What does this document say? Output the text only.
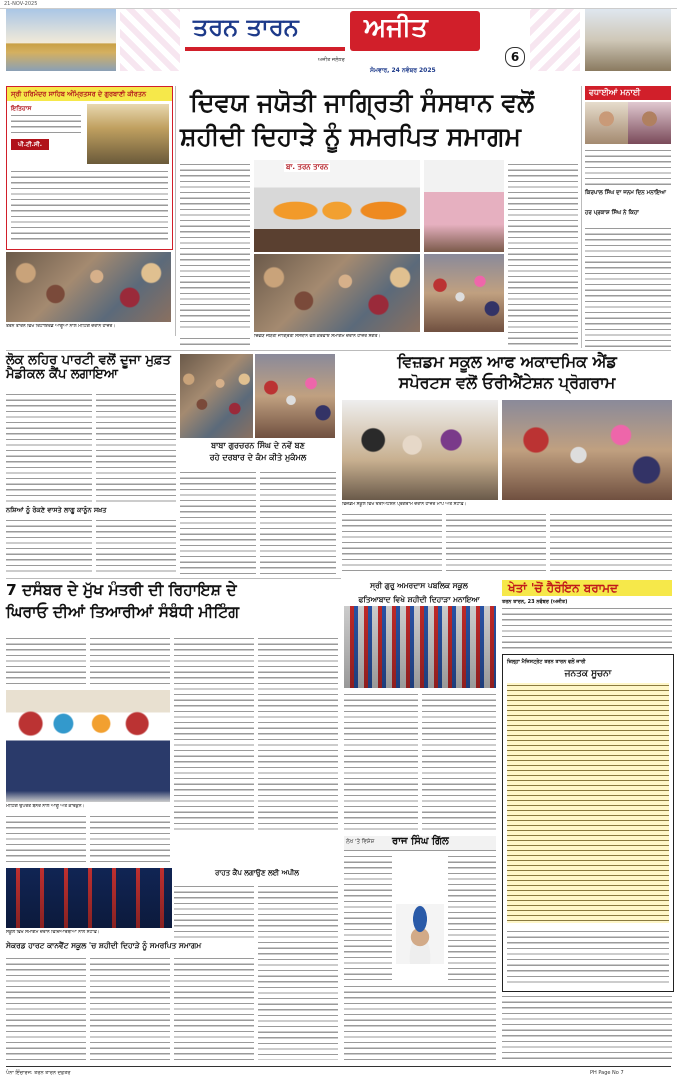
21-NOV-2025
ਤਰਨ ਤਾਰਨ	ਅਜੀਤ
ਅਜੀਤ ਜਲੰਧਰ
ਸੋਮਵਾਰ, 24 ਨਵੰਬਰ 2025
6
ਸ੍ਰੀ ਹਰਿਮੰਦਰ ਸਾਹਿਬ ਅੰਮ੍ਰਿਤਸਰ ਦੇ ਗੁਰਬਾਣੀ ਕੀਰਤਨ
ਇਤਿਹਾਸ
ਪੀ.ਟੀ.ਸੀ.
ਤਰਨ ਤਾਰਨ ਵਿਖੇ ਰਿਟਾਇਰਡ ਆਗੂਆਂ ਨਾਲ ਮੀਟਿੰਗ ਦੌਰਾਨ ਹਾਜ਼ਰ।
ਦਿਵਯ ਜਯੋਤੀ ਜਾਗ੍ਰਿਤੀ ਸੰਸਥਾਨ ਵਲੋਂ
ਸ਼ਹੀਦੀ ਦਿਹਾੜੇ ਨੂੰ ਸਮਰਪਿਤ ਸਮਾਗਮ
ਬਾ. ਤਰਨ ਤਾਰਨ
ਦਿਵਯ ਜਯੋਤੀ ਜਾਗ੍ਰਿਤੀ ਸੰਸਥਾਨ ਵਲੋਂ ਕਰਵਾਏ ਸਮਾਗਮ ਦੌਰਾਨ ਹਾਜ਼ਰ ਸੰਗਤ।
ਵਧਾਈਆਂ ਮਨਾਈ
ਕਿਰਪਾਲ ਸਿੰਘ ਦਾ ਜਨਮ ਦਿਨ ਮਨਾਇਆ
ਹਰ ਪ੍ਰਕਾਸ਼ ਸਿੰਘ ਨੇ ਕਿਹਾ
ਲੋਕ ਲਹਿਰ ਪਾਰਟੀ ਵਲੋਂ ਦੂਜਾ ਮੁਫ਼ਤ ਮੈਡੀਕਲ ਕੈਂਪ ਲਗਾਇਆ
ਨਸ਼ਿਆਂ ਨੂੰ ਰੋਕਣੇ ਵਾਸਤੇ ਲਾਗੂ ਕਾਨੂੰਨ ਸਖ਼ਤ
ਬਾਬਾ ਗੁਰਚਰਨ ਸਿੰਘ ਦੇ ਨਵੇਂ ਬਣ
ਰਹੇ ਦਰਬਾਰ ਦੇ ਕੰਮ ਕੀਤੇ ਮੁਕੰਮਲ
ਵਿਜ਼ਡਮ ਸਕੂਲ ਆਫ ਅਕਾਦਮਿਕ ਐਂਡ
ਸਪੋਰਟਸ ਵਲੋਂ ਓਰੀਐਂਟੇਸ਼ਨ ਪ੍ਰੋਗਰਾਮ
ਵਿਜ਼ਡਮ ਸਕੂਲ ਵਿਖੇ ਓਰੀਐਂਟੇਸ਼ਨ ਪ੍ਰੋਗਰਾਮ ਦੌਰਾਨ ਹਾਜ਼ਰ ਮਾਪੇ ਅਤੇ ਸਟਾਫ਼।
7 ਦਸੰਬਰ ਦੇ ਮੁੱਖ ਮੰਤਰੀ ਦੀ ਰਿਹਾਇਸ਼ ਦੇ
ਘਿਰਾਓ ਦੀਆਂ ਤਿਆਰੀਆਂ ਸੰਬੰਧੀ ਮੀਟਿੰਗ
ਮੀਟਿੰਗ ਉਪਰੰਤ ਬੈਨਰ ਨਾਲ ਆਗੂ ਅਤੇ ਕਾਰਕੁੰਨ।
ਸ੍ਰੀ ਗੁਰੂ ਅਮਰਦਾਸ ਪਬਲਿਕ ਸਕੂਲ
ਫਤਿਆਬਾਦ ਵਿਖੇ ਸ਼ਹੀਦੀ ਦਿਹਾੜਾ ਮਨਾਇਆ
ਖੇਤਾਂ 'ਚੋਂ ਹੈਰੋਇਨ ਬਰਾਮਦ
ਤਰਨ ਤਾਰਨ, 23 ਨਵੰਬਰ (ਅਜੀਤ)
ਜ਼ਿਲ੍ਹਾ ਮੈਜਿਸਟ੍ਰੇਟ ਤਰਨ ਤਾਰਨ ਵਲੋਂ ਜਾਰੀ
ਜਨਤਕ ਸੂਚਨਾ
ਲੇਖ 'ਤੇ ਵਿਸ਼ੇਸ਼ ਰਾਜ ਸਿੰਘ ਗਿੱਲ
ਸਕੂਲ ਵਿਖੇ ਸਮਾਗਮ ਦੌਰਾਨ ਵਿਦਿਆਰਥੀਆਂ ਨਾਲ ਸਟਾਫ਼।
ਸੇਕਰਡ ਹਾਰਟ ਕਾਨਵੈਂਟ ਸਕੂਲ 'ਚ ਸ਼ਹੀਦੀ ਦਿਹਾੜੇ ਨੂੰ ਸਮਰਪਿਤ ਸਮਾਗਮ
ਰਾਹਤ ਕੈਂਪ ਲਗਾਉਣ ਲਈ ਅਪੀਲ
ਪੰਨਾ ਇੰਚਾਰਜ: ਤਰਨ ਤਾਰਨ ਦਫ਼ਤਰ	PH Page No 7
